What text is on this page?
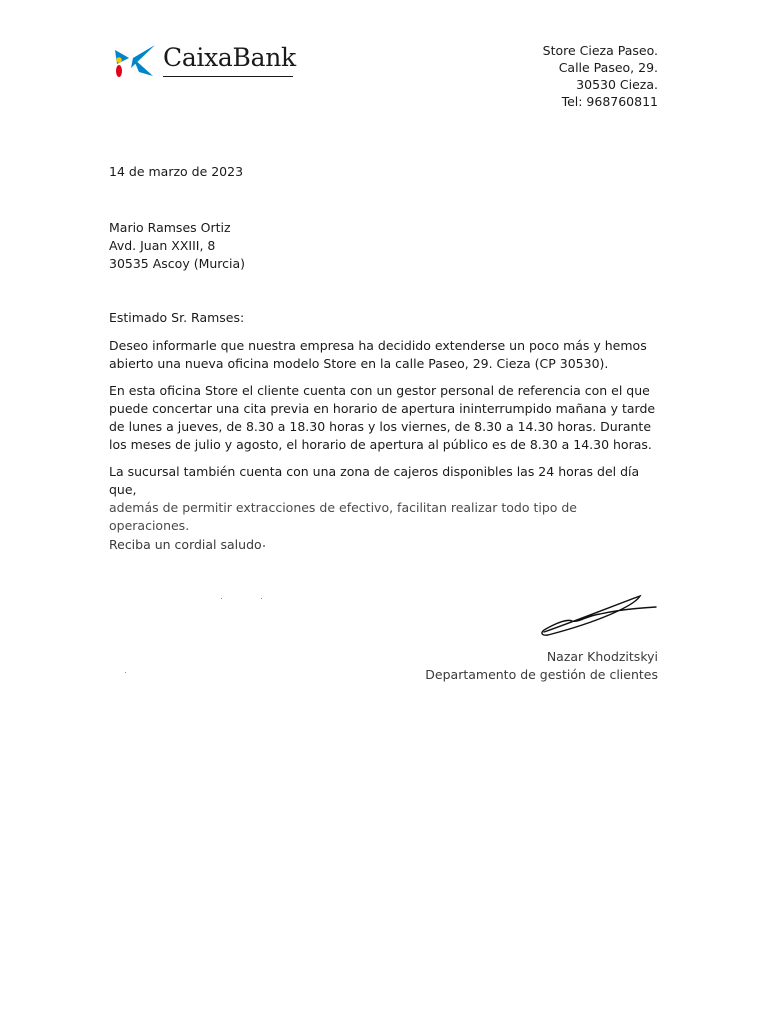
CaixaBank	Store Cieza Paseo.
Calle Paseo, 29.
30530 Cieza.
Tel: 968760811
14 de marzo de 2023
Mario Ramses Ortiz
Avd. Juan XXIII, 8
30535 Ascoy (Murcia)
Estimado Sr. Ramses:

Deseo informarle que nuestra empresa ha decidido extenderse un poco más y hemos abierto una nueva oficina modelo Store en la calle Paseo, 29. Cieza (CP 30530).

En esta oficina Store el cliente cuenta con un gestor personal de referencia con el que puede concertar una cita previa en horario de apertura ininterrumpido mañana y tarde de lunes a jueves, de 8.30 a 18.30 horas y los viernes, de 8.30 a 14.30 horas. Durante los meses de julio y agosto, el horario de apertura al público es de 8.30 a 14.30 horas.

La sucursal también cuenta con una zona de cajeros disponibles las 24 horas del día que,

además de permitir extracciones de efectivo, facilitan realizar todo tipo de operaciones.

Reciba un cordial saludo
Nazar Khodzitskyi
Departamento de gestión de clientes
